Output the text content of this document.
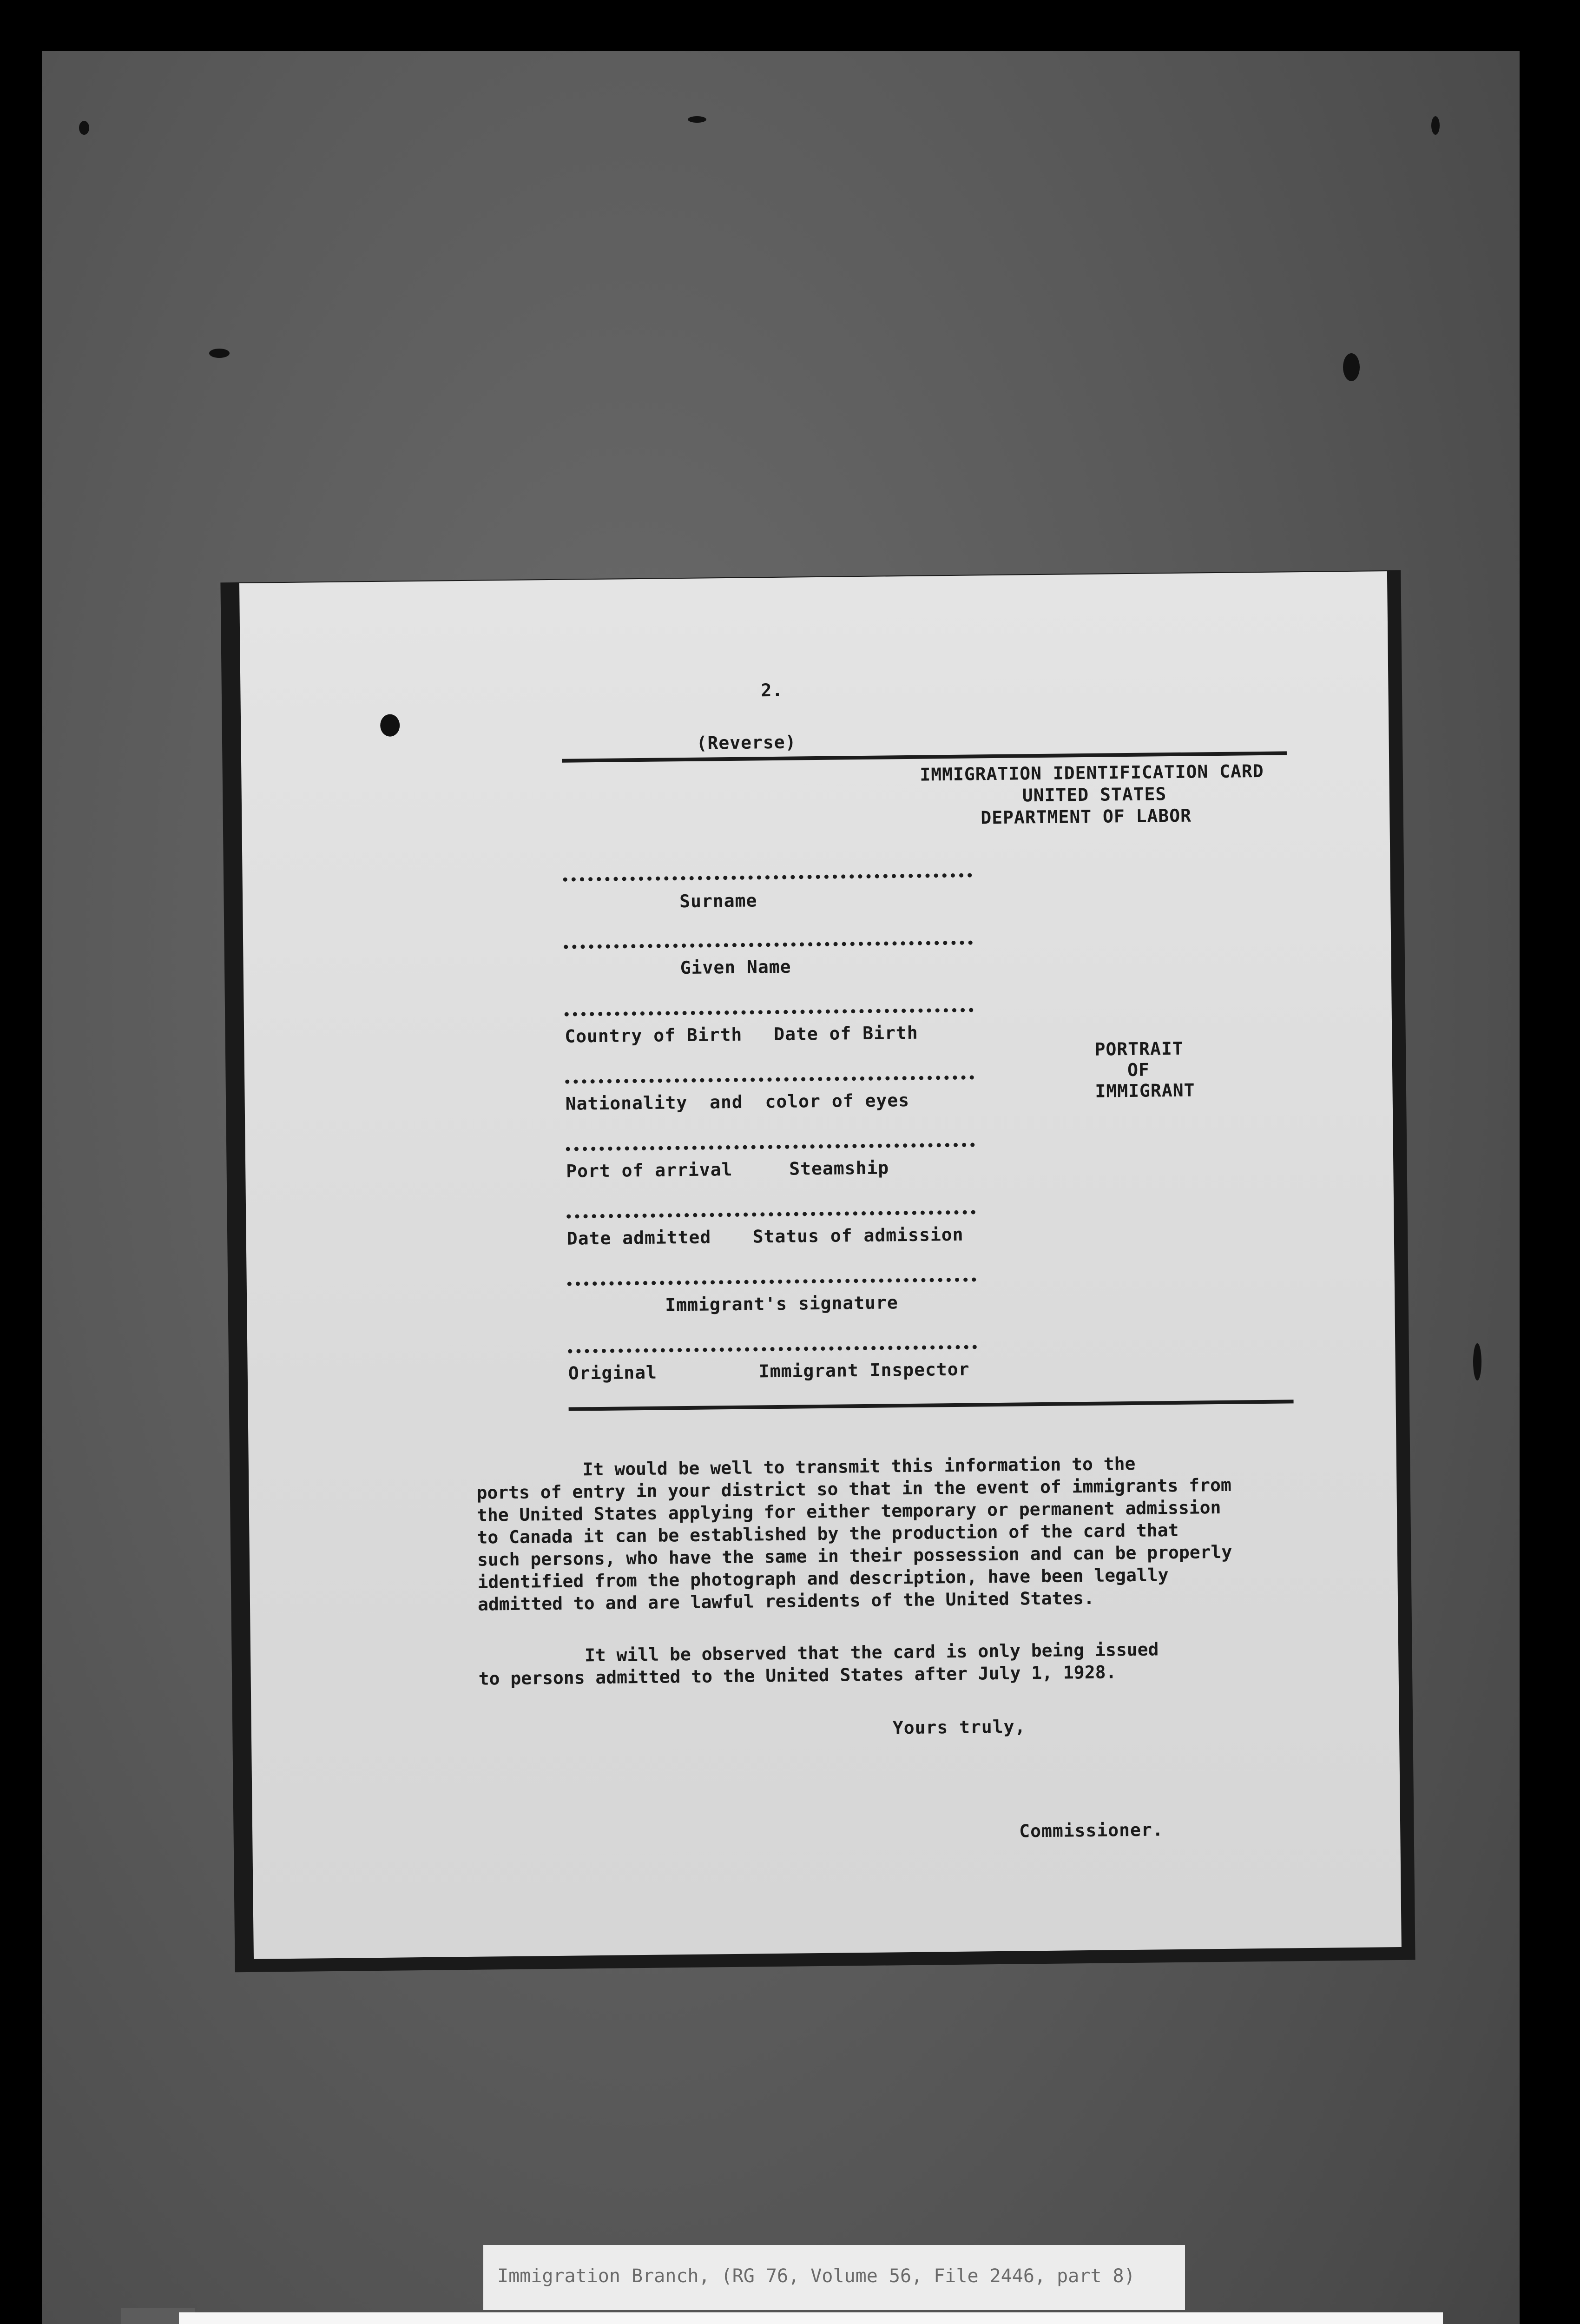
2.
(Reverse)
IMMIGRATION IDENTIFICATION CARD
UNITED STATES
DEPARTMENT OF LABOR
Surname
Given Name
Country of Birth Date of Birth
PORTRAIT
OF
IMMIGRANT
Nationality  and  color of eyes
Port of arrival	Steamship
Date admitted Status of admission
Immigrant's signature
Original	Immigrant Inspector

It would be well to transmit this information to the

ports of entry in your district so that in the event of immigrants from

the United States applying for either temporary or permanent admission

to Canada it can be established by the production of the card that

such persons, who have the same in their possession and can be properly

identified from the photograph and description, have been legally

admitted to and are lawful residents of the United States.

It will be observed that the card is only being issued

to persons admitted to the United States after July 1, 1928.

Yours truly,
Commissioner.
Immigration Branch, (RG 76, Volume 56, File 2446, part 8)
